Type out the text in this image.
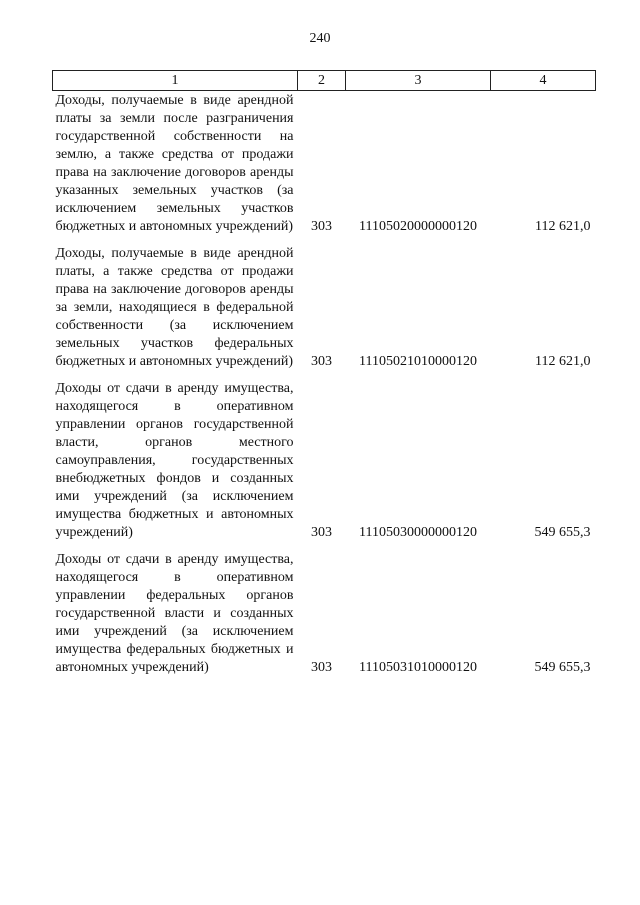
240
1	2	3	4
Доходы, получаемые в виде арендной платы за земли после разграничения государственной собственности на землю, а также средства от продажи права на заключение договоров аренды указанных земельных участков (за исключением земельных участков бюджетных и автономных учреждений)	303	11105020000000120	112 621,0
Доходы, получаемые в виде арендной платы, а также средства от продажи права на заключение договоров аренды за земли, находящиеся в федеральной собственности (за исключением земельных участков федеральных бюджетных и автономных учреждений)	303	11105021010000120	112 621,0
Доходы от сдачи в аренду имущества, находящегося в оперативном управлении органов государственной власти, органов местного самоуправления, государственных внебюджетных фондов и созданных ими учреждений (за исключением имущества бюджетных и автономных учреждений)	303	11105030000000120	549 655,3
Доходы от сдачи в аренду имущества, находящегося в оперативном управлении федеральных органов государственной власти и созданных ими учреждений (за исключением имущества федеральных бюджетных и автономных учреждений)	303	11105031010000120	549 655,3
